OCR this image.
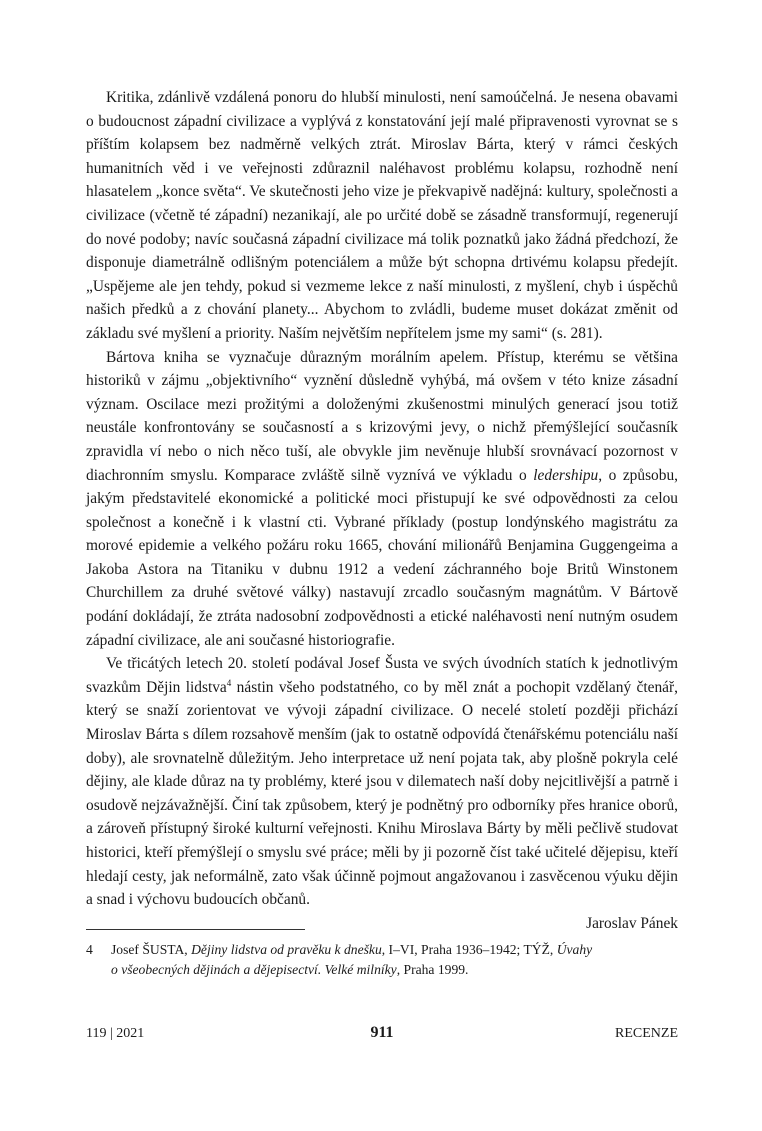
Kritika, zdánlivě vzdálená ponoru do hlubší minulosti, není samoúčelná. Je nesena obavami o budoucnost západní civilizace a vyplývá z konstatování její malé připravenosti vyrovnat se s příštím kolapsem bez nadměrně velkých ztrát. Miroslav Bárta, který v rámci českých humanitních věd i ve veřejnosti zdůraznil naléhavost problému kolapsu, rozhodně není hlasatelem „konce světa“. Ve skutečnosti jeho vize je překvapivě nadějná: kultury, společnosti a civilizace (včetně té západní) nezanikají, ale po určité době se zásadně transformují, regenerují do nové podoby; navíc současná západní civilizace má tolik poznatků jako žádná předchozí, že disponuje diametrálně odlišným potenciálem a může být schopna drtivému kolapsu předejít. „Uspějeme ale jen tehdy, pokud si vezmeme lekce z naší minulosti, z myšlení, chyb i úspěchů našich předků a z chování planety... Abychom to zvládli, budeme muset dokázat změnit od základu své myšlení a priority. Naším největším nepřítelem jsme my sami“ (s. 281).

Bártova kniha se vyznačuje důrazným morálním apelem. Přístup, kterému se většina historiků v zájmu „objektivního“ vyznění důsledně vyhýbá, má ovšem v této knize zásadní význam. Oscilace mezi prožitými a doloženými zkušenostmi minulých generací jsou totiž neustále konfrontovány se současností a s krizovými jevy, o nichž přemýšlející současník zpravidla ví nebo o nich něco tuší, ale obvykle jim nevěnuje hlubší srovnávací pozornost v diachronním smyslu. Komparace zvláště silně vyznívá ve výkladu o ledershipu, o způsobu, jakým představitelé ekonomické a politické moci přistupují ke své odpovědnosti za celou společnost a konečně i k vlastní cti. Vybrané příklady (postup londýnského magistrátu za morové epidemie a velkého požáru roku 1665, chování milionářů Benjamina Guggengeima a Jakoba Astora na Titaniku v dubnu 1912 a vedení záchranného boje Britů Winstonem Churchillem za druhé světové války) nastavují zrcadlo současným magnátům. V Bártově podání dokládají, že ztráta nadosobní zodpovědnosti a etické naléhavosti není nutným osudem západní civilizace, ale ani současné historiografie.

Ve třicátých letech 20. století podával Josef Šusta ve svých úvodních statích k jednotlivým svazkům Dějin lidstva$^4$ nástin všeho podstatného, co by měl znát a pochopit vzdělaný čtenář, který se snaží zorientovat ve vývoji západní civilizace. O necelé století později přichází Miroslav Bárta s dílem rozsahově menším (jak to ostatně odpovídá čtenářskému potenciálu naší doby), ale srovnatelně důležitým. Jeho interpretace už není pojata tak, aby plošně pokryla celé dějiny, ale klade důraz na ty problémy, které jsou v dilematech naší doby nejcitlivější a patrně i osudově nejzávažnější. Činí tak způsobem, který je podnětný pro odborníky přes hranice oborů, a zároveň přístupný široké kulturní veřejnosti. Knihu Miroslava Bárty by měli pečlivě studovat historici, kteří přemýšlejí o smyslu své práce; měli by ji pozorně číst také učitelé dějepisu, kteří hledají cesty, jak neformálně, zato však účinně pojmout angažovanou i zasvěcenou výuku dějin a snad i výchovu budoucích občanů.

Jaroslav Pánek

4 Josef ŠUSTA, Dějiny lidstva od pravěku k dnešku, I–VI, Praha 1936–1942; TÝŽ, Úvahy
o všeobecných dějinách a dějepisectví. Velké milníky, Praha 1999.
119 | 2021	911	RECENZE
